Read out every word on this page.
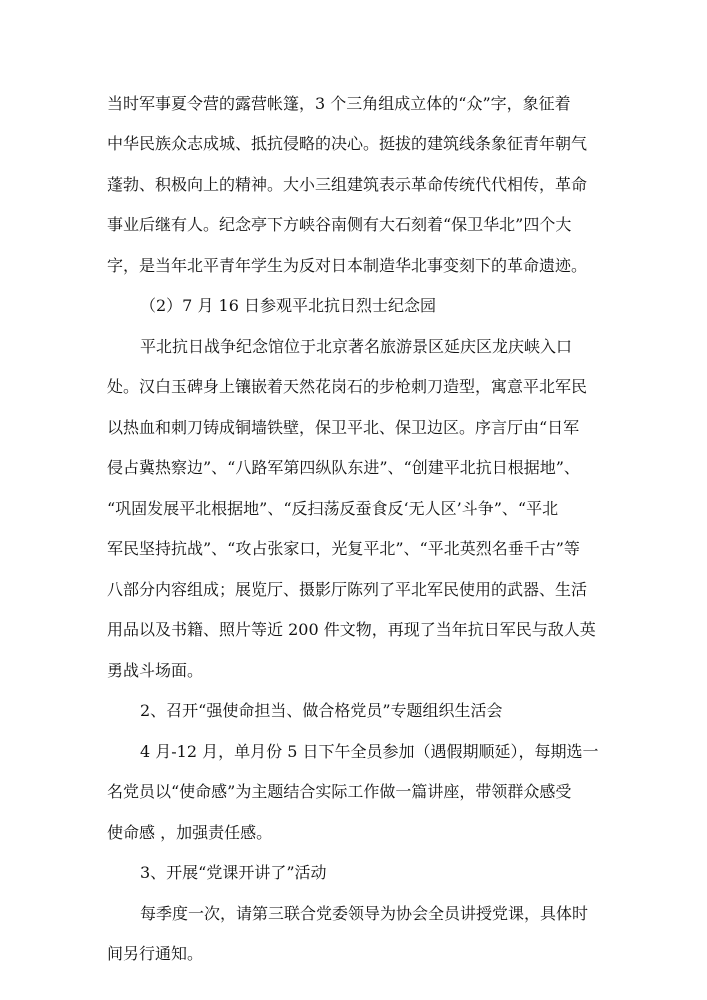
当时军事夏令营的露营帐篷，3 个三角组成立体的“众”字，象征着
中华民族众志成城、抵抗侵略的决心。挺拔的建筑线条象征青年朝气
蓬勃、积极向上的精神。大小三组建筑表示革命传统代代相传，革命
事业后继有人。纪念亭下方峡谷南侧有大石刻着“保卫华北”四个大
字，是当年北平青年学生为反对日本制造华北事变刻下的革命遗迹。
（2）7 月 16 日参观平北抗日烈士纪念园
平北抗日战争纪念馆位于北京著名旅游景区延庆区龙庆峡入口
处。汉白玉碑身上镶嵌着天然花岗石的步枪刺刀造型，寓意平北军民
以热血和刺刀铸成铜墙铁壁，保卫平北、保卫边区。序言厅由“日军
侵占冀热察边”、“八路军第四纵队东进”、“创建平北抗日根据地”、
“巩固发展平北根据地”、“反扫荡反蚕食反‘无人区’斗争”、“平北
军民坚持抗战”、“攻占张家口，光复平北”、“平北英烈名垂千古”等
八部分内容组成；展览厅、摄影厅陈列了平北军民使用的武器、生活
用品以及书籍、照片等近 200 件文物，再现了当年抗日军民与敌人英
勇战斗场面。
2、召开“强使命担当、做合格党员”专题组织生活会
4 月-12 月，单月份 5 日下午全员参加（遇假期顺延），每期选一
名党员以“使命感”为主题结合实际工作做一篇讲座，带领群众感受
使命感 ，加强责任感。
3、开展“党课开讲了”活动
每季度一次，请第三联合党委领导为协会全员讲授党课，具体时
间另行通知。
